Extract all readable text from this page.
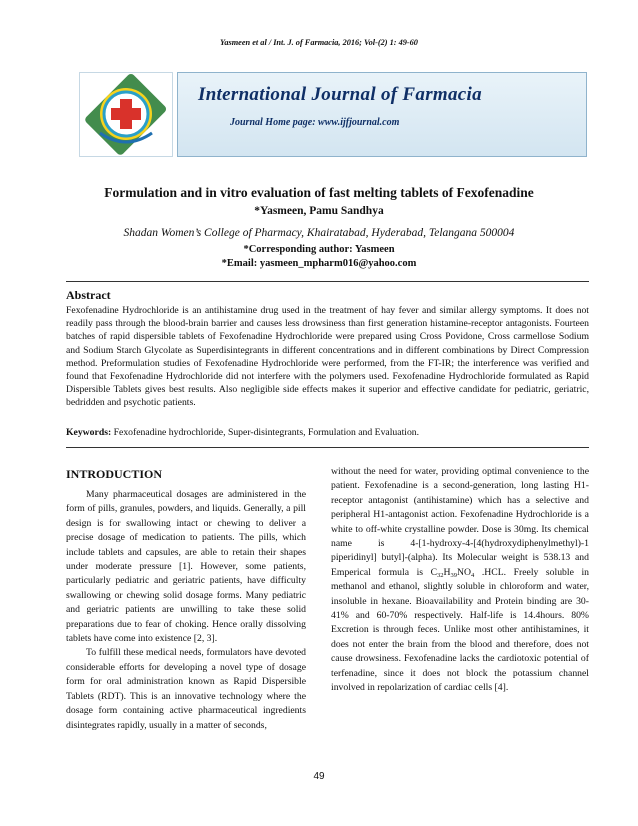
Yasmeen et al / Int. J. of Farmacia, 2016; Vol-(2) 1: 49-60
International Journal of Farmacia
Journal Home page: www.ijfjournal.com
Formulation and in vitro evaluation of fast melting tablets of Fexofenadine
*Yasmeen, Pamu Sandhya
Shadan Women’s College of Pharmacy, Khairatabad, Hyderabad, Telangana 500004
*Corresponding author: Yasmeen
*Email: yasmeen_mpharm016@yahoo.com
Abstract
Fexofenadine Hydrochloride is an antihistamine drug used in the treatment of hay fever and similar allergy symptoms. It does not readily pass through the blood-brain barrier and causes less drowsiness than first generation histamine-receptor antagonists. Fourteen batches of rapid dispersible tablets of Fexofenadine Hydrochloride were prepared using Cross Povidone, Cross carmellose Sodium and Sodium Starch Glycolate as Superdisintegrants in different concentrations and in different combinations by Direct Compression method. Preformulation studies of Fexofenadine Hydrochloride were performed, from the FT-IR; the interference was verified and found that Fexofenadine Hydrochloride did not interfere with the polymers used. Fexofenadine Hydrochloride formulated as Rapid Dispersible Tablets gives best results. Also negligible side effects makes it superior and effective candidate for pediatric, geriatric, bedridden and psychotic patients.
Keywords: Fexofenadine hydrochloride, Super-disintegrants, Formulation and Evaluation.
INTRODUCTION

Many pharmaceutical dosages are administered in the form of pills, granules, powders, and liquids. Generally, a pill design is for swallowing intact or chewing to deliver a precise dosage of medication to patients. The pills, which include tablets and capsules, are able to retain their shapes under moderate pressure [1]. However, some patients, particularly pediatric and geriatric patients, have difficulty swallowing or chewing solid dosage forms. Many pediatric and geriatric patients are unwilling to take these solid preparations due to fear of choking. Hence orally dissolving tablets have come into existence [2, 3].

To fulfill these medical needs, formulators have devoted considerable efforts for developing a novel type of dosage form for oral administration known as Rapid Dispersible Tablets (RDT). This is an innovative technology where the dosage form containing active pharmaceutical ingredients disintegrates rapidly, usually in a matter of seconds,

without the need for water, providing optimal convenience to the patient. Fexofenadine is a second-generation, long lasting H1-receptor antagonist (antihistamine) which has a selective and peripheral H1-antagonist action. Fexofenadine Hydrochloride is a white to off-white crystalline powder. Dose is 30mg. Its chemical name is 4-[1-hydroxy-4-[4(hydroxydiphenylmethyl)-1 piperidinyl] butyl]-(alpha). Its Molecular weight is 538.13 and Emperical formula is $C_{32}H_{39}NO_4$ .HCL. Freely soluble in methanol and ethanol, slightly soluble in chloroform and water, insoluble in hexane. Bioavailability and Protein binding are 30-41% and 60-70% respectively. Half-life is 14.4hours. 80% Excretion is through feces. Unlike most other antihistamines, it does not enter the brain from the blood and therefore, does not cause drowsiness. Fexofenadine lacks the cardiotoxic potential of terfenadine, since it does not block the potassium channel involved in repolarization of cardiac cells [4].

49
